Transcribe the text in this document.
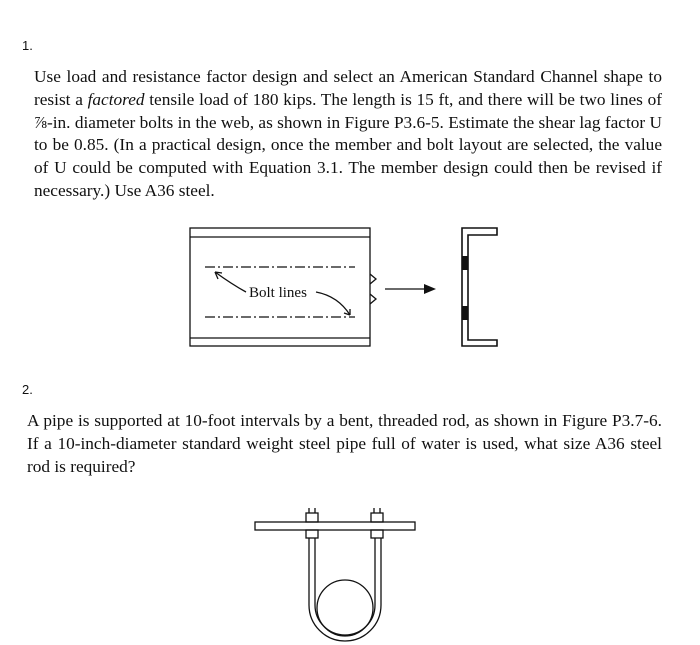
1.
Use load and resistance factor design and select an American Standard Channel shape to resist a factored tensile load of 180 kips. The length is 15 ft, and there will be two lines of ⅞-in. diameter bolts in the web, as shown in Figure P3.6-5. Estimate the shear lag factor U to be 0.85. (In a practical design, once the member and bolt layout are selected, the value of U could be computed with Equation 3.1. The member design could then be revised if necessary.) Use A36 steel.
Bolt lines
2.
A pipe is supported at 10-foot intervals by a bent, threaded rod, as shown in Figure P3.7-6. If a 10-inch-diameter standard weight steel pipe full of water is used, what size A36 steel rod is required?
